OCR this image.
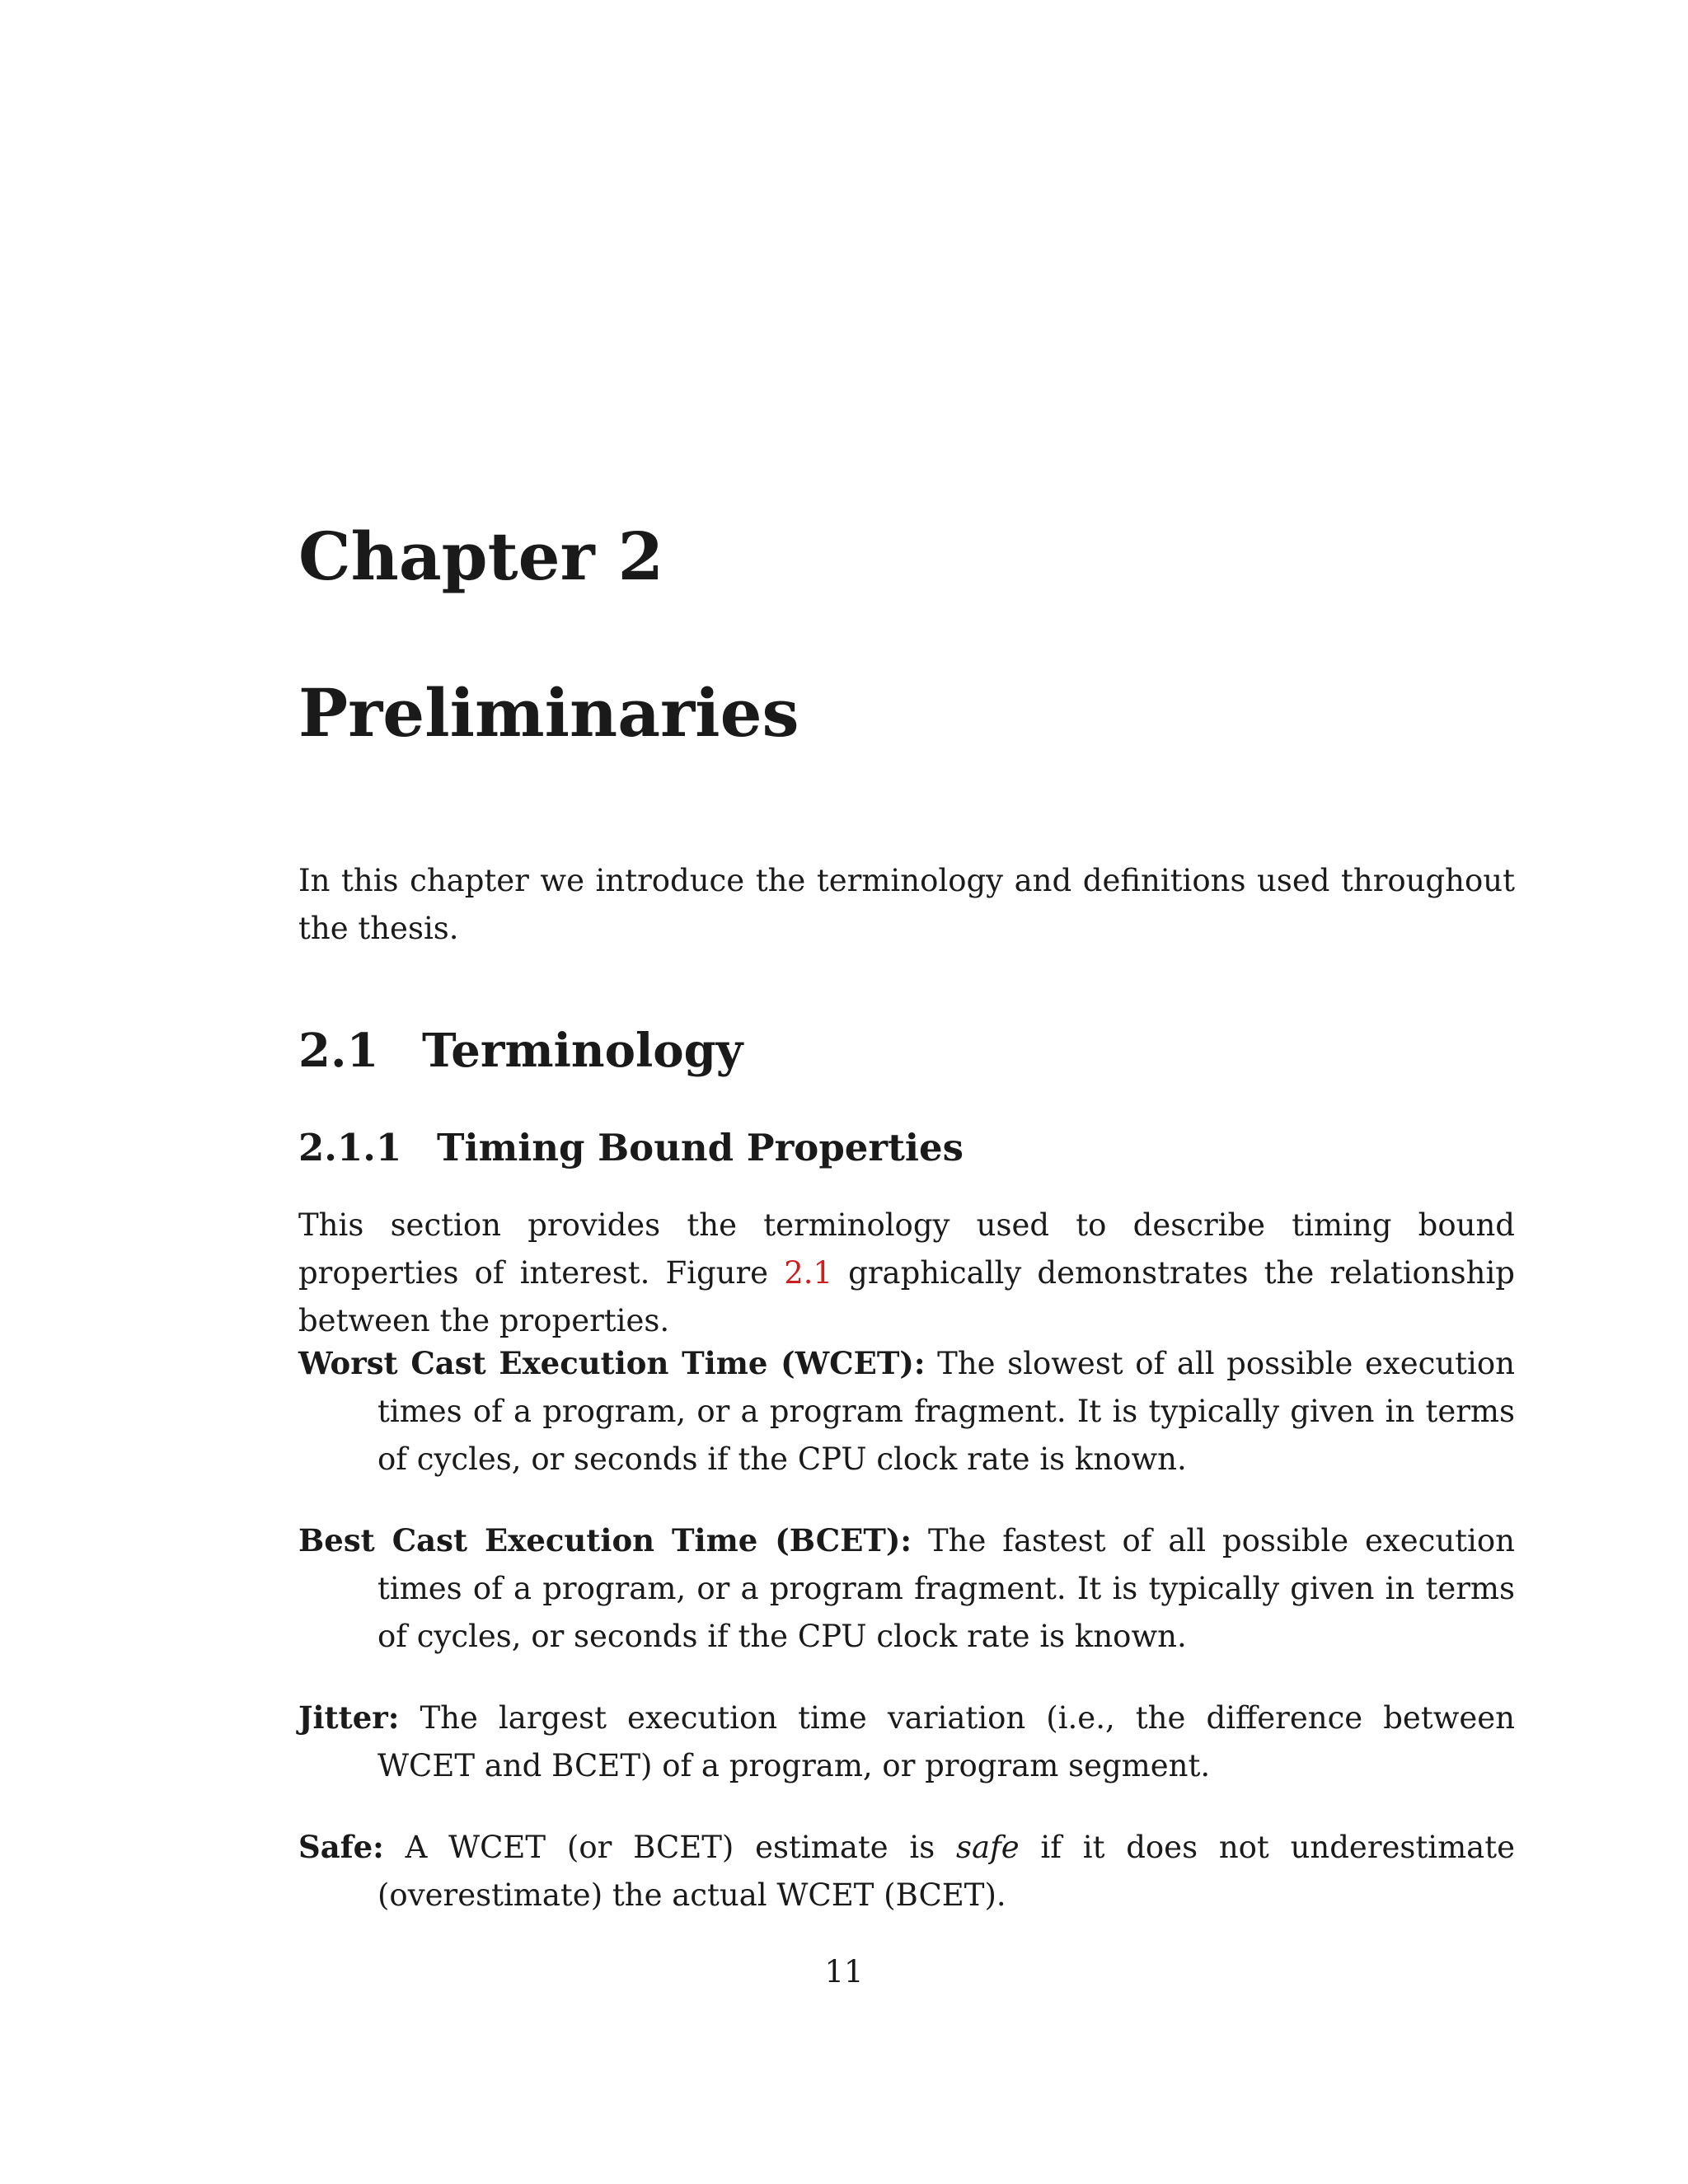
Chapter 2
Preliminaries

In this chapter we introduce the terminology and definitions used throughout the thesis.

2.1 Terminology
2.1.1 Timing Bound Properties

This section provides the terminology used to describe timing bound properties of interest. Figure 2.1 graphically demonstrates the relationship between the properties.

Worst Cast Execution Time (WCET): The slowest of all possible execution times of a program, or a program fragment. It is typically given in terms of cycles, or seconds if the CPU clock rate is known.
Best Cast Execution Time (BCET): The fastest of all possible execution times of a program, or a program fragment. It is typically given in terms of cycles, or seconds if the CPU clock rate is known.
Jitter: The largest execution time variation (i.e., the difference between WCET and BCET) of a program, or program segment.
Safe: A WCET (or BCET) estimate is safe if it does not underestimate (overestimate) the actual WCET (BCET).

11
